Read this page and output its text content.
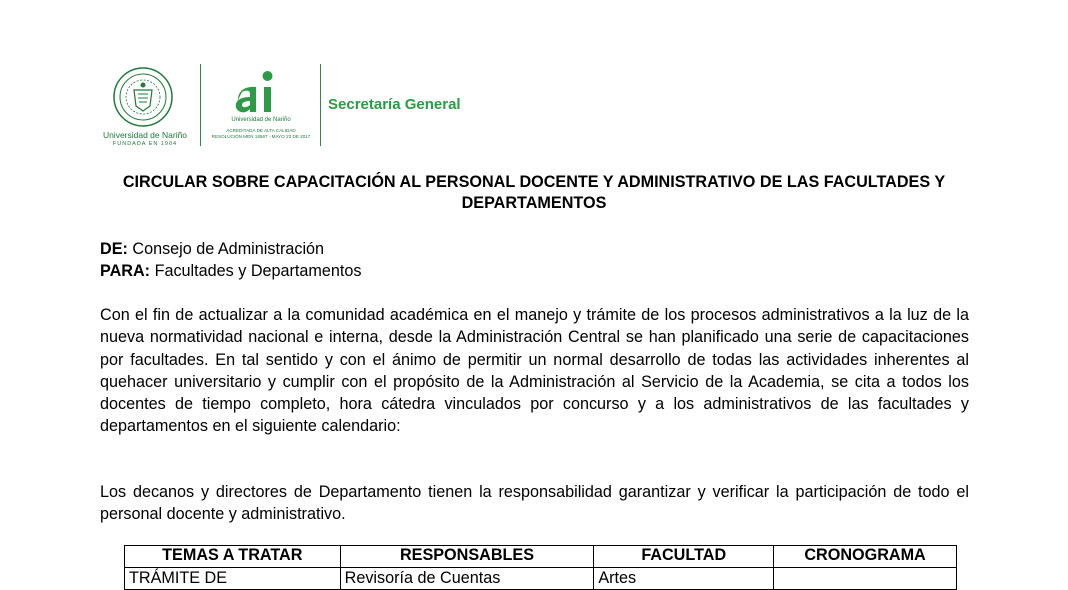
Universidad de Nariño
FUNDADA EN 1904
Universidad de Nariño
ACREDITADA DE ALTA CALIDAD
RESOLUCIÓN MEN 18567 - MAYO 23 DE 2017
Secretaría General
CIRCULAR SOBRE CAPACITACIÓN AL PERSONAL DOCENTE Y ADMINISTRATIVO DE LAS FACULTADES Y DEPARTAMENTOS
DE: Consejo de Administración
PARA: Facultades y Departamentos
Con el fin de actualizar a la comunidad académica en el manejo y trámite de los procesos administrativos a la luz de la nueva normatividad nacional e interna, desde la Administración Central se han planificado una serie de capacitaciones por facultades. En tal sentido y con el ánimo de permitir un normal desarrollo de todas las actividades inherentes al quehacer universitario y cumplir con el propósito de la Administración al Servicio de la Academia, se cita a todos los docentes de tiempo completo, hora cátedra vinculados por concurso y a los administrativos de las facultades y departamentos en el siguiente calendario:
Los decanos y directores de Departamento tienen la responsabilidad garantizar y verificar la participación de todo el personal docente y administrativo.
TEMAS A TRATAR	RESPONSABLES	FACULTAD	CRONOGRAMA
TRÁMITE DE	Revisoría de Cuentas	Artes	
